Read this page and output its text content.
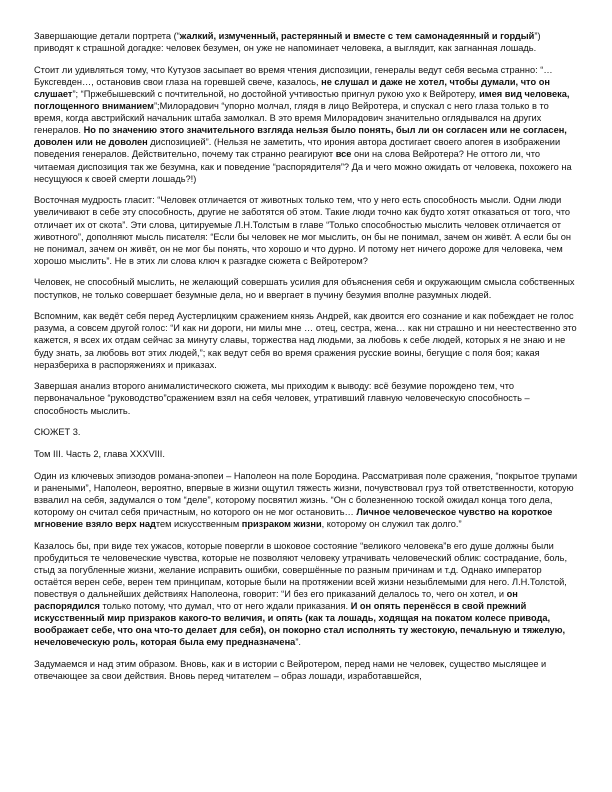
Завершающие детали портрета (“жалкий, измученный, растерянный и вместе с тем самонадеянный и гордый”) приводят к страшной догадке: человек безумен, он уже не напоминает человека, а выглядит, как загнанная лошадь.

Стоит ли удивляться тому, что Кутузов засыпает во время чтения диспозиции, генералы ведут себя весьма странно: “…Буксгевден…, остановив свои глаза на горевшей свече, казалось, не слушал и даже не хотел, чтобы думали, что он слушает”; “Пржебышевский с почтительной, но достойной учтивостью пригнул рукою ухо к Вейротеру, имея вид человека, поглощенного вниманием”;Милорадович “упорно молчал, глядя в лицо Вейротера, и спускал с него глаза только в то время, когда австрийский начальник штаба замолкал. В это время Милорадович значительно оглядывался на других генералов. Но по значению этого значительного взгляда нельзя было понять, был ли он согласен или не согласен, доволен или не доволен диспозицией”. (Нельзя не заметить, что ирония автора достигает своего апогея в изображении поведения генералов. Действительно, почему так странно реагируют все они на слова Вейротера? Не оттого ли, что читаемая диспозиция так же безумна, как и поведение “распорядителя”? Да и чего можно ожидать от человека, похожего на несущуюся к своей смерти лошадь?!)

Восточная мудрость гласит: “Человек отличается от животных только тем, что у него есть способность мысли. Одни люди увеличивают в себе эту способность, другие не заботятся об этом. Такие люди точно как будто хотят отказаться от того, что отличает их от скота”. Эти слова, цитируемые Л.Н.Толстым в главе “Только способностью мыслить человек отличается от животного”, дополняют мысль писателя: “Если бы человек не мог мыслить, он бы не понимал, зачем он живёт. А если бы он не понимал, зачем он живёт, он не мог бы понять, что хорошо и что дурно. И потому нет ничего дороже для человека, чем хорошо мыслить”. Не в этих ли слова ключ к разгадке сюжета с Вейротером?

Человек, не способный мыслить, не желающий совершать усилия для объяснения себя и окружающим смысла собственных поступков, не только совершает безумные дела, но и ввергает в пучину безумия вполне разумных людей.

Вспомним, как ведёт себя перед Аустерлицким сражением князь Андрей, как двоится его сознание и как побеждает не голос разума, а совсем другой голос: “И как ни дороги, ни милы мне … отец, сестра, жена… как ни страшно и ни неестественно это кажется, я всех их отдам сейчас за минуту славы, торжества над людьми, за любовь к себе людей, которых я не знаю и не буду знать, за любовь вот этих людей,”; как ведут себя во время сражения русские воины, бегущие с поля боя; какая неразбериха в распоряжениях и приказах.

Завершая анализ второго анималистического сюжета, мы приходим к выводу: всё безумие порождено тем, что первоначальное “руководство”сражением взял на себя человек, утративший главную человеческую способность – способность мыслить.

СЮЖЕТ 3.

Том III. Часть 2, глава XXXVIII.

Один из ключевых эпизодов романа-эпопеи – Наполеон на поле Бородина. Рассматривая поле сражения, “покрытое трупами и ранеными”, Наполеон, вероятно, впервые в жизни ощутил тяжесть жизни, почувствовал груз той ответственности, которую взвалил на себя, задумался о том “деле”, которому посвятил жизнь. “Он с болезненною тоской ожидал конца того дела, которому он считал себя причастным, но которого он не мог остановить… Личное человеческое чувство на короткое мгновение взяло верх надтем искусственным призраком жизни, которому он служил так долго.”

Казалось бы, при виде тех ужасов, которые повергли в шоковое состояние “великого человека”в его душе должны были пробудиться те человеческие чувства, которые не позволяют человеку утрачивать человеческий облик: сострадание, боль, стыд за погубленные жизни, желание исправить ошибки, совершённые по разным причинам и т.д. Однако император остаётся верен себе, верен тем принципам, которые были на протяжении всей жизни незыблемыми для него. Л.Н.Толстой, повествуя о дальнейших действиях Наполеона, говорит: “И без его приказаний делалось то, чего он хотел, и он распорядился только потому, что думал, что от него ждали приказания. И он опять перенёсся в свой прежний искусственный мир призраков какого-то величия, и опять (как та лошадь, ходящая на покатом колесе привода, воображает себе, что она что-то делает для себя), он покорно стал исполнять ту жестокую, печальную и тяжелую, нечеловеческую роль, которая была ему предназначена”.

Задумаемся и над этим образом. Вновь, как и в истории с Вейротером, перед нами не человек, существо мыслящее и отвечающее за свои действия. Вновь перед читателем – образ лошади, изработавшейся,
